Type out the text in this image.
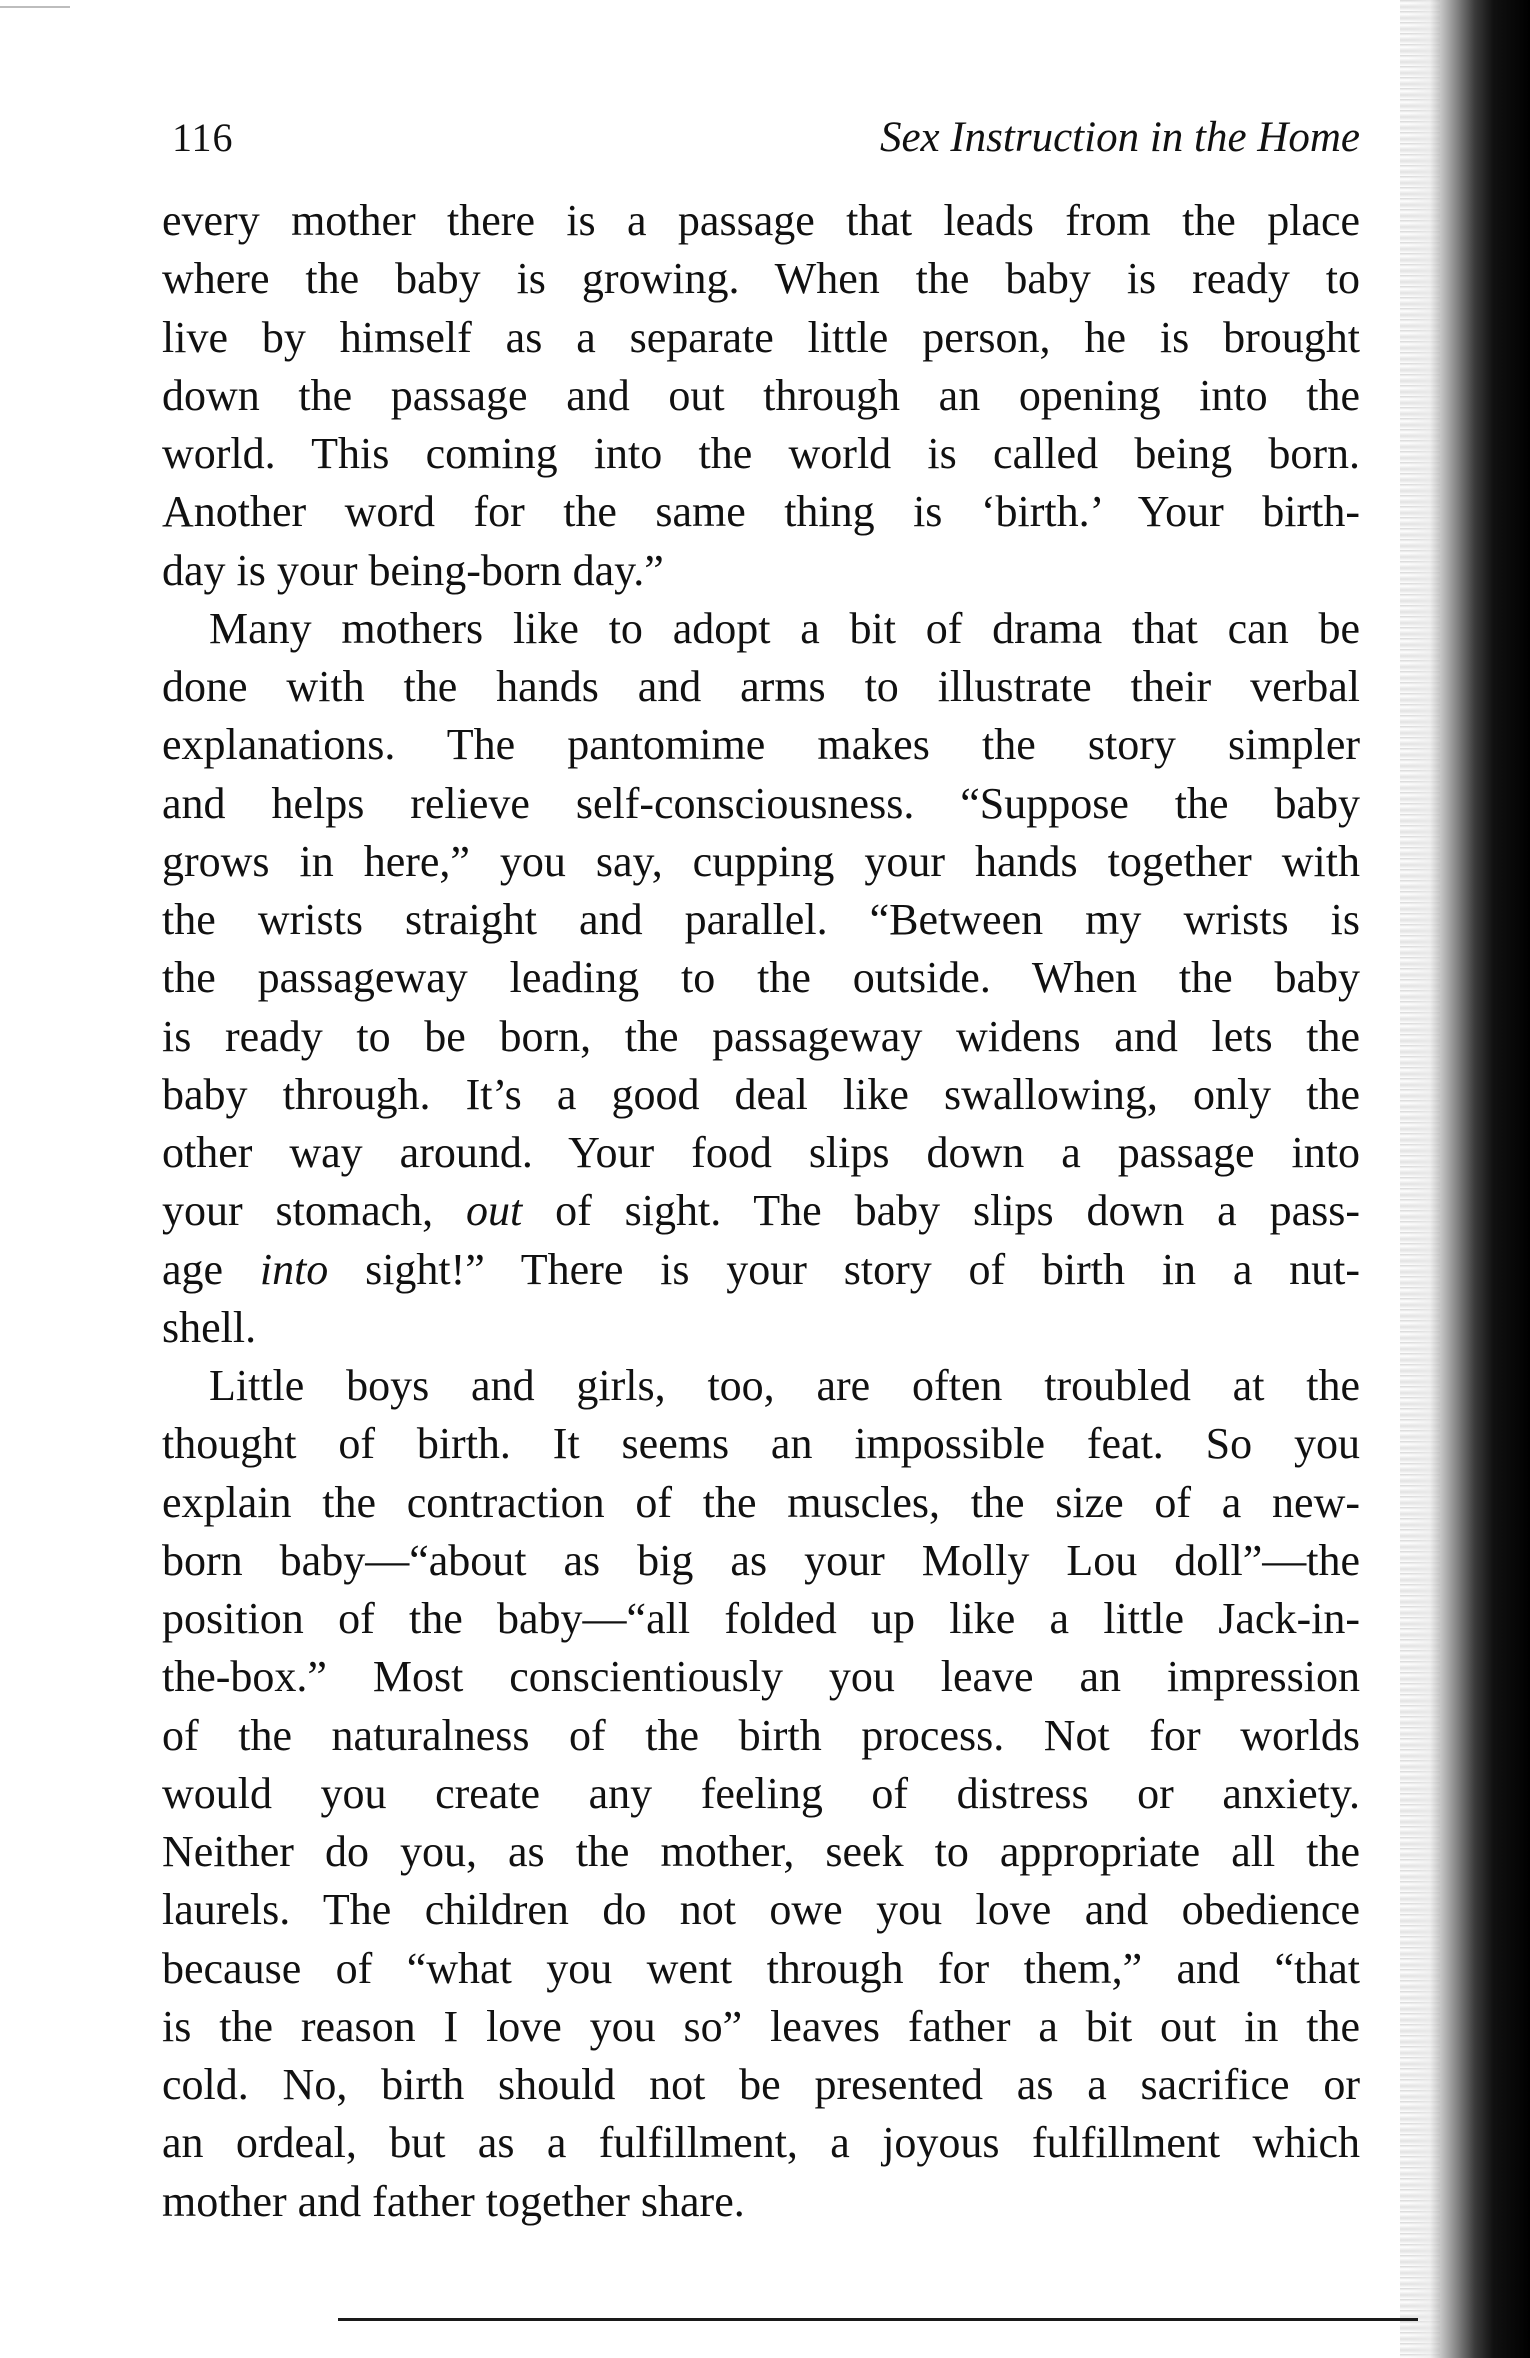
116	Sex Instruction in the Home
every mother there is a passage that leads from the place
where the baby is growing. When the baby is ready to
live by himself as a separate little person, he is brought
down the passage and out through an opening into the
world. This coming into the world is called being born.
Another word for the same thing is ‘birth.’ Your birth-
day is your being-born day.”
Many mothers like to adopt a bit of drama that can be
done with the hands and arms to illustrate their verbal
explanations. The pantomime makes the story simpler
and helps relieve self-consciousness. “Suppose the baby
grows in here,” you say, cupping your hands together with
the wrists straight and parallel. “Between my wrists is
the passageway leading to the outside. When the baby
is ready to be born, the passageway widens and lets the
baby through. It’s a good deal like swallowing, only the
other way around. Your food slips down a passage into
your stomach, out of sight. The baby slips down a pass-
age into sight!” There is your story of birth in a nut-
shell.
Little boys and girls, too, are often troubled at the
thought of birth. It seems an impossible feat. So you
explain the contraction of the muscles, the size of a new-
born baby—“about as big as your Molly Lou doll”—the
position of the baby—“all folded up like a little Jack-in-
the-box.” Most conscientiously you leave an impression
of the naturalness of the birth process. Not for worlds
would you create any feeling of distress or anxiety.
Neither do you, as the mother, seek to appropriate all the
laurels. The children do not owe you love and obedience
because of “what you went through for them,” and “that
is the reason I love you so” leaves father a bit out in the
cold. No, birth should not be presented as a sacrifice or
an ordeal, but as a fulfillment, a joyous fulfillment which
mother and father together share.
